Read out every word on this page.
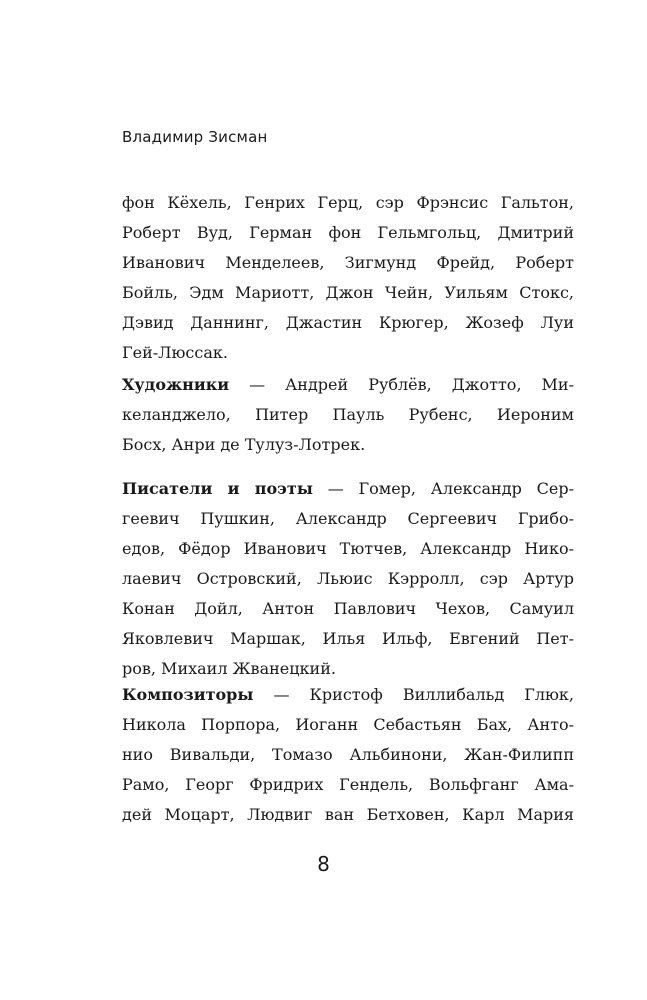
Владимир Зисман
фон Кёхель, Генрих Герц, сэр Фрэнсис Гальтон,
Роберт Вуд, Герман фон Гельмгольц, Дмитрий
Иванович Менделеев, Зигмунд Фрейд, Роберт
Бойль, Эдм Мариотт, Джон Чейн, Уильям Стокс,
Дэвид Даннинг, Джастин Крюгер, Жозеф Луи
Гей-Люссак.
Художники — Андрей Рублёв, Джотто, Ми-
келанджело, Питер Пауль Рубенс, Иероним
Босх, Анри де Тулуз-Лотрек.
Писатели и поэты — Гомер, Александр Сер-
геевич Пушкин, Александр Сергеевич Грибо-
едов, Фёдор Иванович Тютчев, Александр Нико-
лаевич Островский, Льюис Кэрролл, сэр Артур
Конан Дойл, Антон Павлович Чехов, Самуил
Яковлевич Маршак, Илья Ильф, Евгений Пет-
ров, Михаил Жванецкий.
Композиторы — Кристоф Виллибальд Глюк,
Никола Порпора, Иоганн Себастьян Бах, Анто-
нио Вивальди, Томазо Альбинони, Жан-Филипп
Рамо, Георг Фридрих Гендель, Вольфганг Ама-
дей Моцарт, Людвиг ван Бетховен, Карл Мария
8
